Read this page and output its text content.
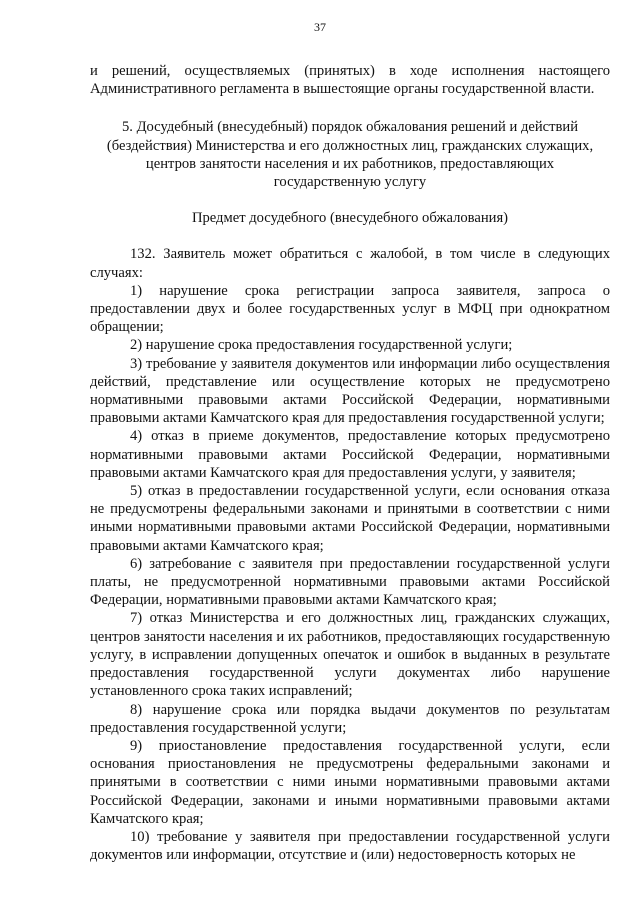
37

и решений, осуществляемых (принятых) в ходе исполнения настоящего Административного регламента в вышестоящие органы государственной власти.

5. Досудебный (внесудебный) порядок обжалования решений и действий (бездействия) Министерства и его должностных лиц, гражданских служащих, центров занятости населения и их работников, предоставляющих государственную услугу

Предмет досудебного (внесудебного обжалования)

132. Заявитель может обратиться с жалобой, в том числе в следующих случаях:

1) нарушение срока регистрации запроса заявителя, запроса о предоставлении двух и более государственных услуг в МФЦ при однократном обращении;

2) нарушение срока предоставления государственной услуги;

3) требование у заявителя документов или информации либо осуществления действий, представление или осуществление которых не предусмотрено нормативными правовыми актами Российской Федерации, нормативными правовыми актами Камчатского края для предоставления государственной услуги;

4) отказ в приеме документов, предоставление которых предусмотрено нормативными правовыми актами Российской Федерации, нормативными правовыми актами Камчатского края для предоставления услуги, у заявителя;

5) отказ в предоставлении государственной услуги, если основания отказа не предусмотрены федеральными законами и принятыми в соответствии с ними иными нормативными правовыми актами Российской Федерации, нормативными правовыми актами Камчатского края;

6) затребование с заявителя при предоставлении государственной услуги платы, не предусмотренной нормативными правовыми актами Российской Федерации, нормативными правовыми актами Камчатского края;

7) отказ Министерства и его должностных лиц, гражданских служащих, центров занятости населения и их работников, предоставляющих государственную услугу, в исправлении допущенных опечаток и ошибок в выданных в результате предоставления государственной услуги документах либо нарушение установленного срока таких исправлений;

8) нарушение срока или порядка выдачи документов по результатам предоставления государственной услуги;

9) приостановление предоставления государственной услуги, если основания приостановления не предусмотрены федеральными законами и принятыми в соответствии с ними иными нормативными правовыми актами Российской Федерации, законами и иными нормативными правовыми актами Камчатского края;

10) требование у заявителя при предоставлении государственной услуги документов или информации, отсутствие и (или) недостоверность которых не
